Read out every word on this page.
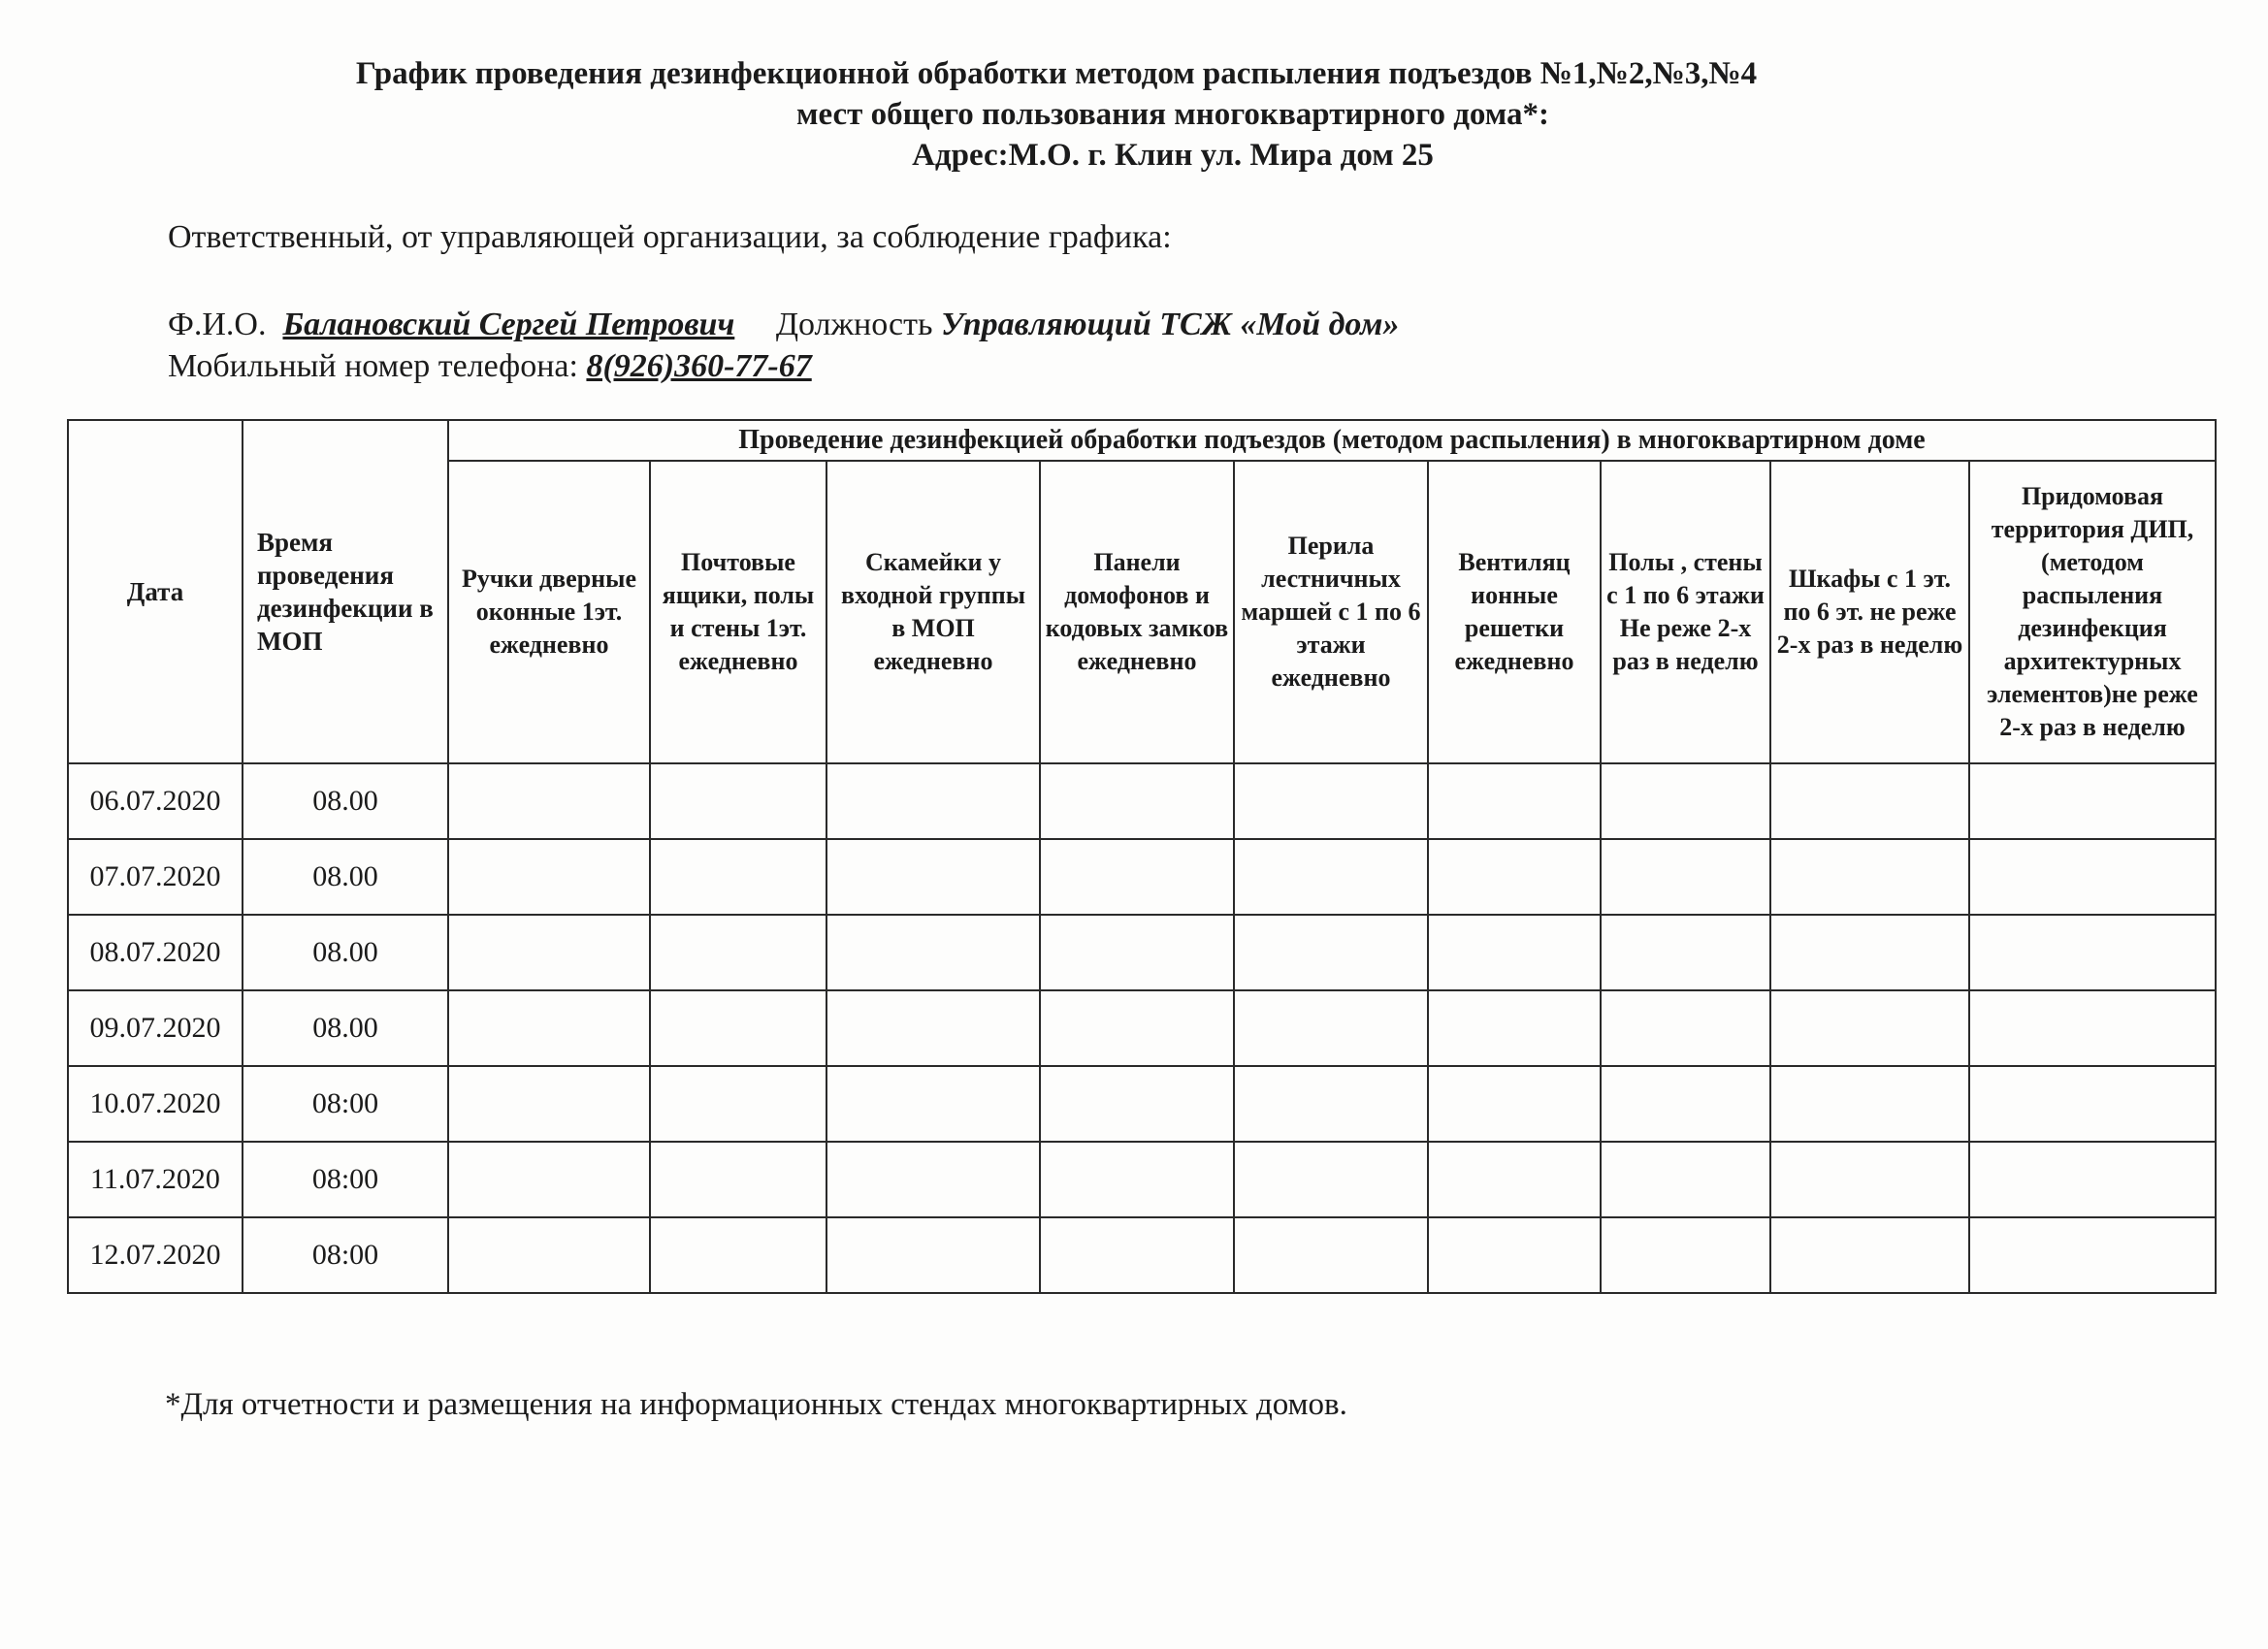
График проведения дезинфекционной обработки методом распыления подъездов №1,№2,№3,№4
мест общего пользования многоквартирного дома*:
Адрес:М.О. г. Клин ул. Мира дом 25
Ответственный, от управляющей организации, за соблюдение графика:
Ф.И.О. Балановский Сергей Петрович Должность Управляющий ТСЖ «Мой дом»
Мобильный номер телефона: 8(926)360-77-67
Дата	Время проведения дезинфекции в МОП	Проведение дезинфекцией обработки подъездов (методом распыления) в многоквартирном доме								
		Ручки дверные оконные 1эт. ежедневно	Почтовые ящики, полы и стены 1эт. ежедневно	Скамейки у входной группы в МОП ежедневно	Панели домофонов и кодовых замков ежедневно	Перила лестничных маршей с 1 по 6 этажи ежедневно	Вентиляц ионные решетки ежедневно	Полы , стены с 1 по 6 этажи Не реже 2-х раз в неделю	Шкафы с 1 эт. по 6 эт. не реже 2-х раз в неделю	Придомовая территория ДИП, (методом распыления дезинфекция архитектурных элементов)не реже 2-х раз в неделю
06.07.2020	08.00									
07.07.2020	08.00									
08.07.2020	08.00									
09.07.2020	08.00									
10.07.2020	08:00									
11.07.2020	08:00									
12.07.2020	08:00									
*Для отчетности и размещения на информационных стендах многоквартирных домов.
